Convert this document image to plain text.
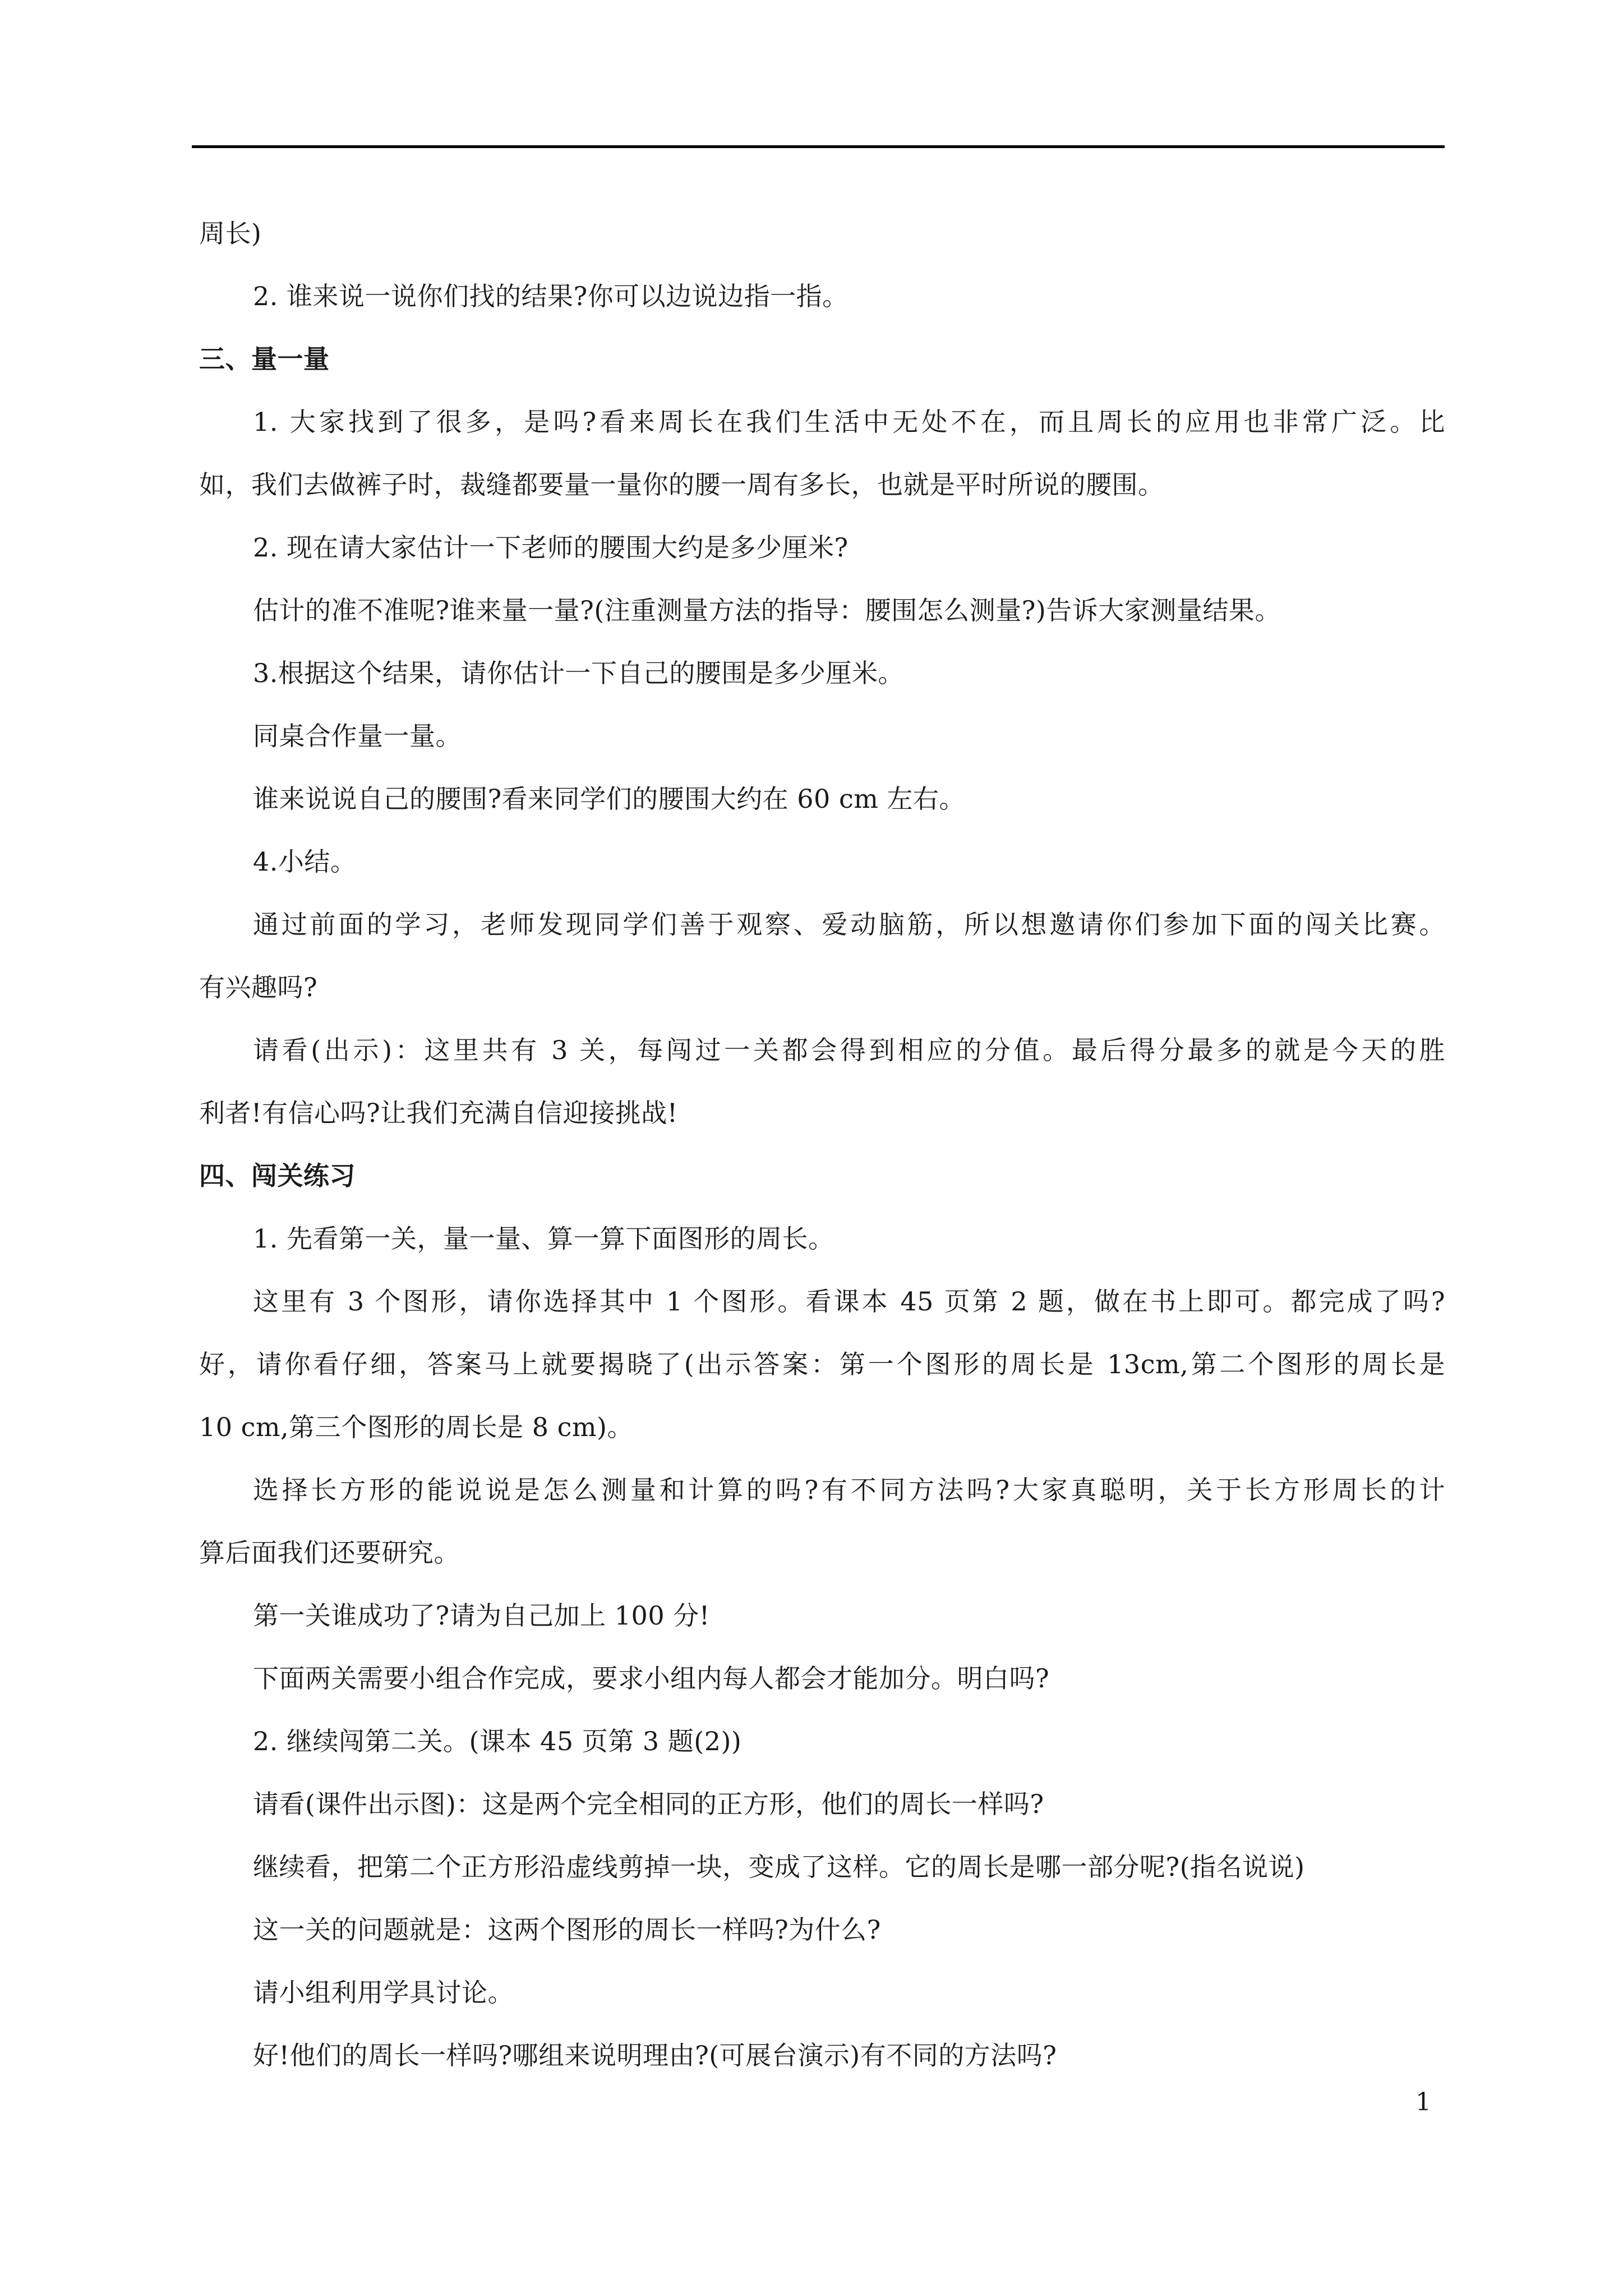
周长)
2. 谁来说一说你们找的结果?你可以边说边指一指。
三、量一量
1. 大家找到了很多，是吗?看来周长在我们生活中无处不在，而且周长的应用也非常广泛。比
如，我们去做裤子时，裁缝都要量一量你的腰一周有多长，也就是平时所说的腰围。
2. 现在请大家估计一下老师的腰围大约是多少厘米?
估计的准不准呢?谁来量一量?(注重测量方法的指导：腰围怎么测量?)告诉大家测量结果。
3.根据这个结果，请你估计一下自己的腰围是多少厘米。
同桌合作量一量。
谁来说说自己的腰围?看来同学们的腰围大约在 60 cm 左右。
4.小结。
通过前面的学习，老师发现同学们善于观察、爱动脑筋，所以想邀请你们参加下面的闯关比赛。
有兴趣吗?
请看(出示)：这里共有 3 关，每闯过一关都会得到相应的分值。最后得分最多的就是今天的胜
利者!有信心吗?让我们充满自信迎接挑战!
四、闯关练习
1. 先看第一关，量一量、算一算下面图形的周长。
这里有 3 个图形，请你选择其中 1 个图形。看课本 45 页第 2 题，做在书上即可。都完成了吗?
好，请你看仔细，答案马上就要揭晓了(出示答案：第一个图形的周长是 13cm,第二个图形的周长是
10 cm,第三个图形的周长是 8 cm)。
选择长方形的能说说是怎么测量和计算的吗?有不同方法吗?大家真聪明，关于长方形周长的计
算后面我们还要研究。
第一关谁成功了?请为自己加上 100 分!
下面两关需要小组合作完成，要求小组内每人都会才能加分。明白吗?
2. 继续闯第二关。(课本 45 页第 3 题(2))
请看(课件出示图)：这是两个完全相同的正方形，他们的周长一样吗?
继续看，把第二个正方形沿虚线剪掉一块，变成了这样。它的周长是哪一部分呢?(指名说说)
这一关的问题就是：这两个图形的周长一样吗?为什么?
请小组利用学具讨论。
好!他们的周长一样吗?哪组来说明理由?(可展台演示)有不同的方法吗?
1
